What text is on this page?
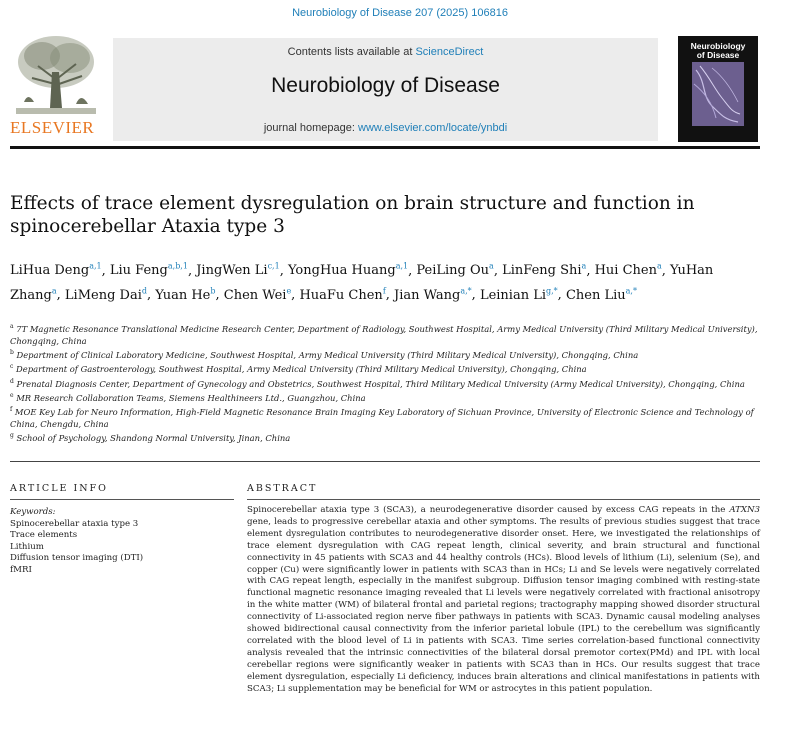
Neurobiology of Disease 207 (2025) 106816
ELSEVIER
Contents lists available at ScienceDirect
Neurobiology of Disease
journal homepage: www.elsevier.com/locate/ynbdi
Neurobiology
of Disease
Effects of trace element dysregulation on brain structure and function in
spinocerebellar Ataxia type 3
LiHua Deng$^{a,1}$, Liu Feng$^{a,b,1}$, JingWen Li$^{c,1}$, YongHua Huang$^{a,1}$, PeiLing Ou$^a$, LinFeng Shi$^a$, Hui Chen$^a$, YuHan Zhang$^a$, LiMeng Dai$^d$, Yuan He$^b$, Chen Wei$^e$, HuaFu Chen$^f$, Jian Wang$^{a,*}$, Leinian $Li^{g,*}$, Chen Liu$^{a,*}$
$^a$ 7T Magnetic Resonance Translational Medicine Research Center, Department of Radiology, Southwest Hospital, Army Medical University (Third Military Medical University), Chongqing, China
$^b$ Department of Clinical Laboratory Medicine, Southwest Hospital, Army Medical University (Third Military Medical University), Chongqing, China
$^c$ Department of Gastroenterology, Southwest Hospital, Army Medical University (Third Military Medical University), Chongqing, China
$^d$ Prenatal Diagnosis Center, Department of Gynecology and Obstetrics, Southwest Hospital, Third Military Medical University (Army Medical University), Chongqing, China
$^e$ MR Research Collaboration Teams, Siemens Healthineers Ltd., Guangzhou, China
$^f$ MOE Key Lab for Neuro Information, High-Field Magnetic Resonance Brain Imaging Key Laboratory of Sichuan Province, University of Electronic Science and Technology of China, Chengdu, China
$^g$ School of Psychology, Shandong Normal University, Jinan, China
ARTICLE INFO	ABSTRACT
Keywords:
Spinocerebellar ataxia type 3
Trace elements
Lithium
Diffusion tensor imaging (DTI)
fMRI
Spinocerebellar ataxia type 3 (SCA3), a neurodegenerative disorder caused by excess CAG repeats in the ATXN3 gene, leads to progressive cerebellar ataxia and other symptoms. The results of previous studies suggest that trace element dysregulation contributes to neurodegenerative disorder onset. Here, we investigated the relationships of trace element dysregulation with CAG repeat length, clinical severity, and brain structural and functional connectivity in 45 patients with SCA3 and 44 healthy controls (HCs). Blood levels of lithium (Li), selenium (Se), and copper (Cu) were significantly lower in patients with SCA3 than in HCs; Li and Se levels were negatively correlated with CAG repeat length, especially in the manifest subgroup. Diffusion tensor imaging combined with resting-state functional magnetic resonance imaging revealed that Li levels were negatively correlated with fractional anisotropy in the white matter (WM) of bilateral frontal and parietal regions; tractography mapping showed disorder structural connectivity of Li-associated region nerve fiber pathways in patients with SCA3. Dynamic causal modeling analyses showed bidirectional causal connectivity from the inferior parietal lobule (IPL) to the cerebellum was significantly correlated with the blood level of Li in patients with SCA3. Time series correlation-based functional connectivity analysis revealed that the intrinsic connectivities of the bilateral dorsal premotor cortex(PMd) and IPL with local cerebellar regions were significantly weaker in patients with SCA3 than in HCs. Our results suggest that trace element dysregulation, especially Li deficiency, induces brain alterations and clinical manifestations in patients with SCA3; Li supplementation may be beneficial for WM or astrocytes in this patient population.
